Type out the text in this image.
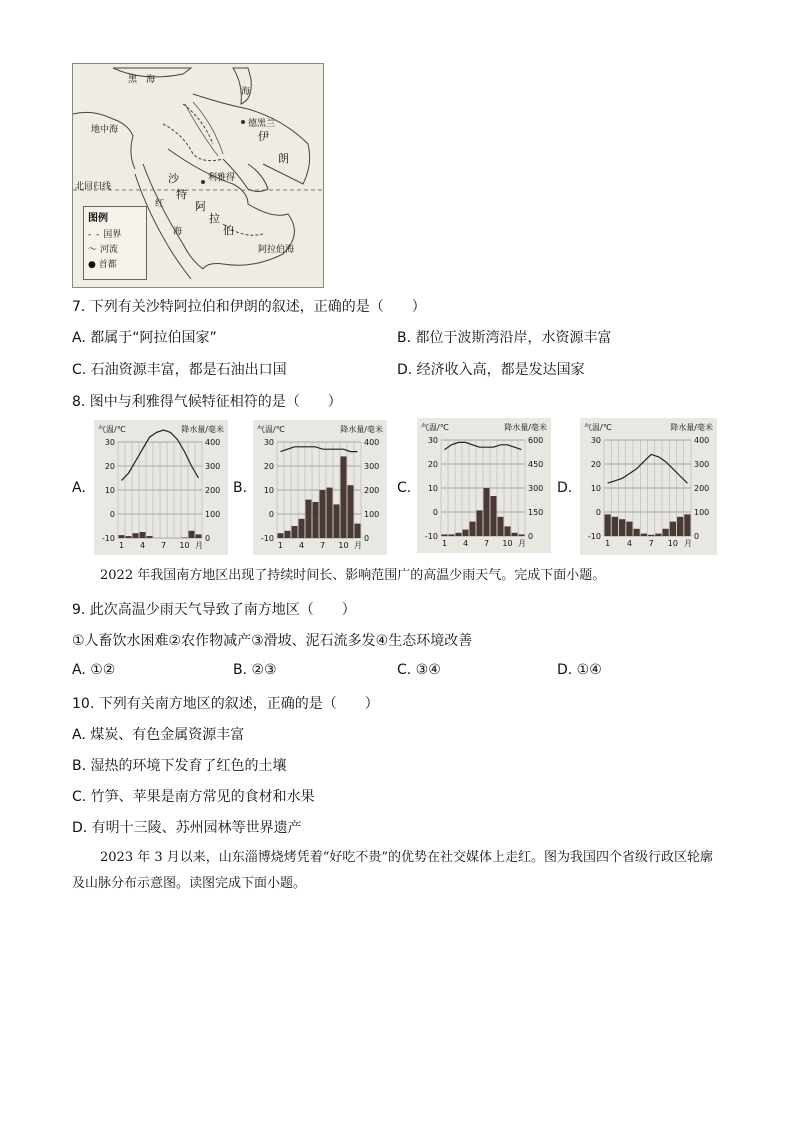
黑　海
海
地中海	伊
朗
德黑兰
沙
特
阿
拉
伯
利雅得
北回归线
红
海
阿拉伯海
图例
- - 国界
～ 河流
● 首都
7. 下列有关沙特阿拉伯和伊朗的叙述，正确的是（　　）
A. 都属于“阿拉伯国家”	B. 都位于波斯湾沿岸，水资源丰富
C. 石油资源丰富，都是石油出口国	D. 经济收入高，都是发达国家
8. 图中与利雅得气候特征相符的是（　　）
A.
气温/℃	降水量/毫米
30
20
10
0
-10
400
300
200
100
0
1 4 7 10 月
B.
气温/℃	降水量/毫米
30
20
10
0
-10
400
300
200
100
0
1 4 7 10 月
C.
气温/℃	降水量/毫米
30
20
10
0
-10
600
450
300
150
0
1 4 7 10 月
D.
气温/℃	降水量/毫米
30
20
10
0
-10
400
300
200
100
0
1 4 7 10 月
2022 年我国南方地区出现了持续时间长、影响范围广的高温少雨天气。完成下面小题。
9. 此次高温少雨天气导致了南方地区（　　）
①人畜饮水困难②农作物减产③滑坡、泥石流多发④生态环境改善
A. ①②	B. ②③	C. ③④	D. ①④
10. 下列有关南方地区的叙述，正确的是（　　）
A. 煤炭、有色金属资源丰富
B. 湿热的环境下发育了红色的土壤
C. 竹笋、苹果是南方常见的食材和水果
D. 有明十三陵、苏州园林等世界遗产
2023 年 3 月以来，山东淄博烧烤凭着“好吃不贵”的优势在社交媒体上走红。图为我国四个省级行政区轮廓及山脉分布示意图。读图完成下面小题。
